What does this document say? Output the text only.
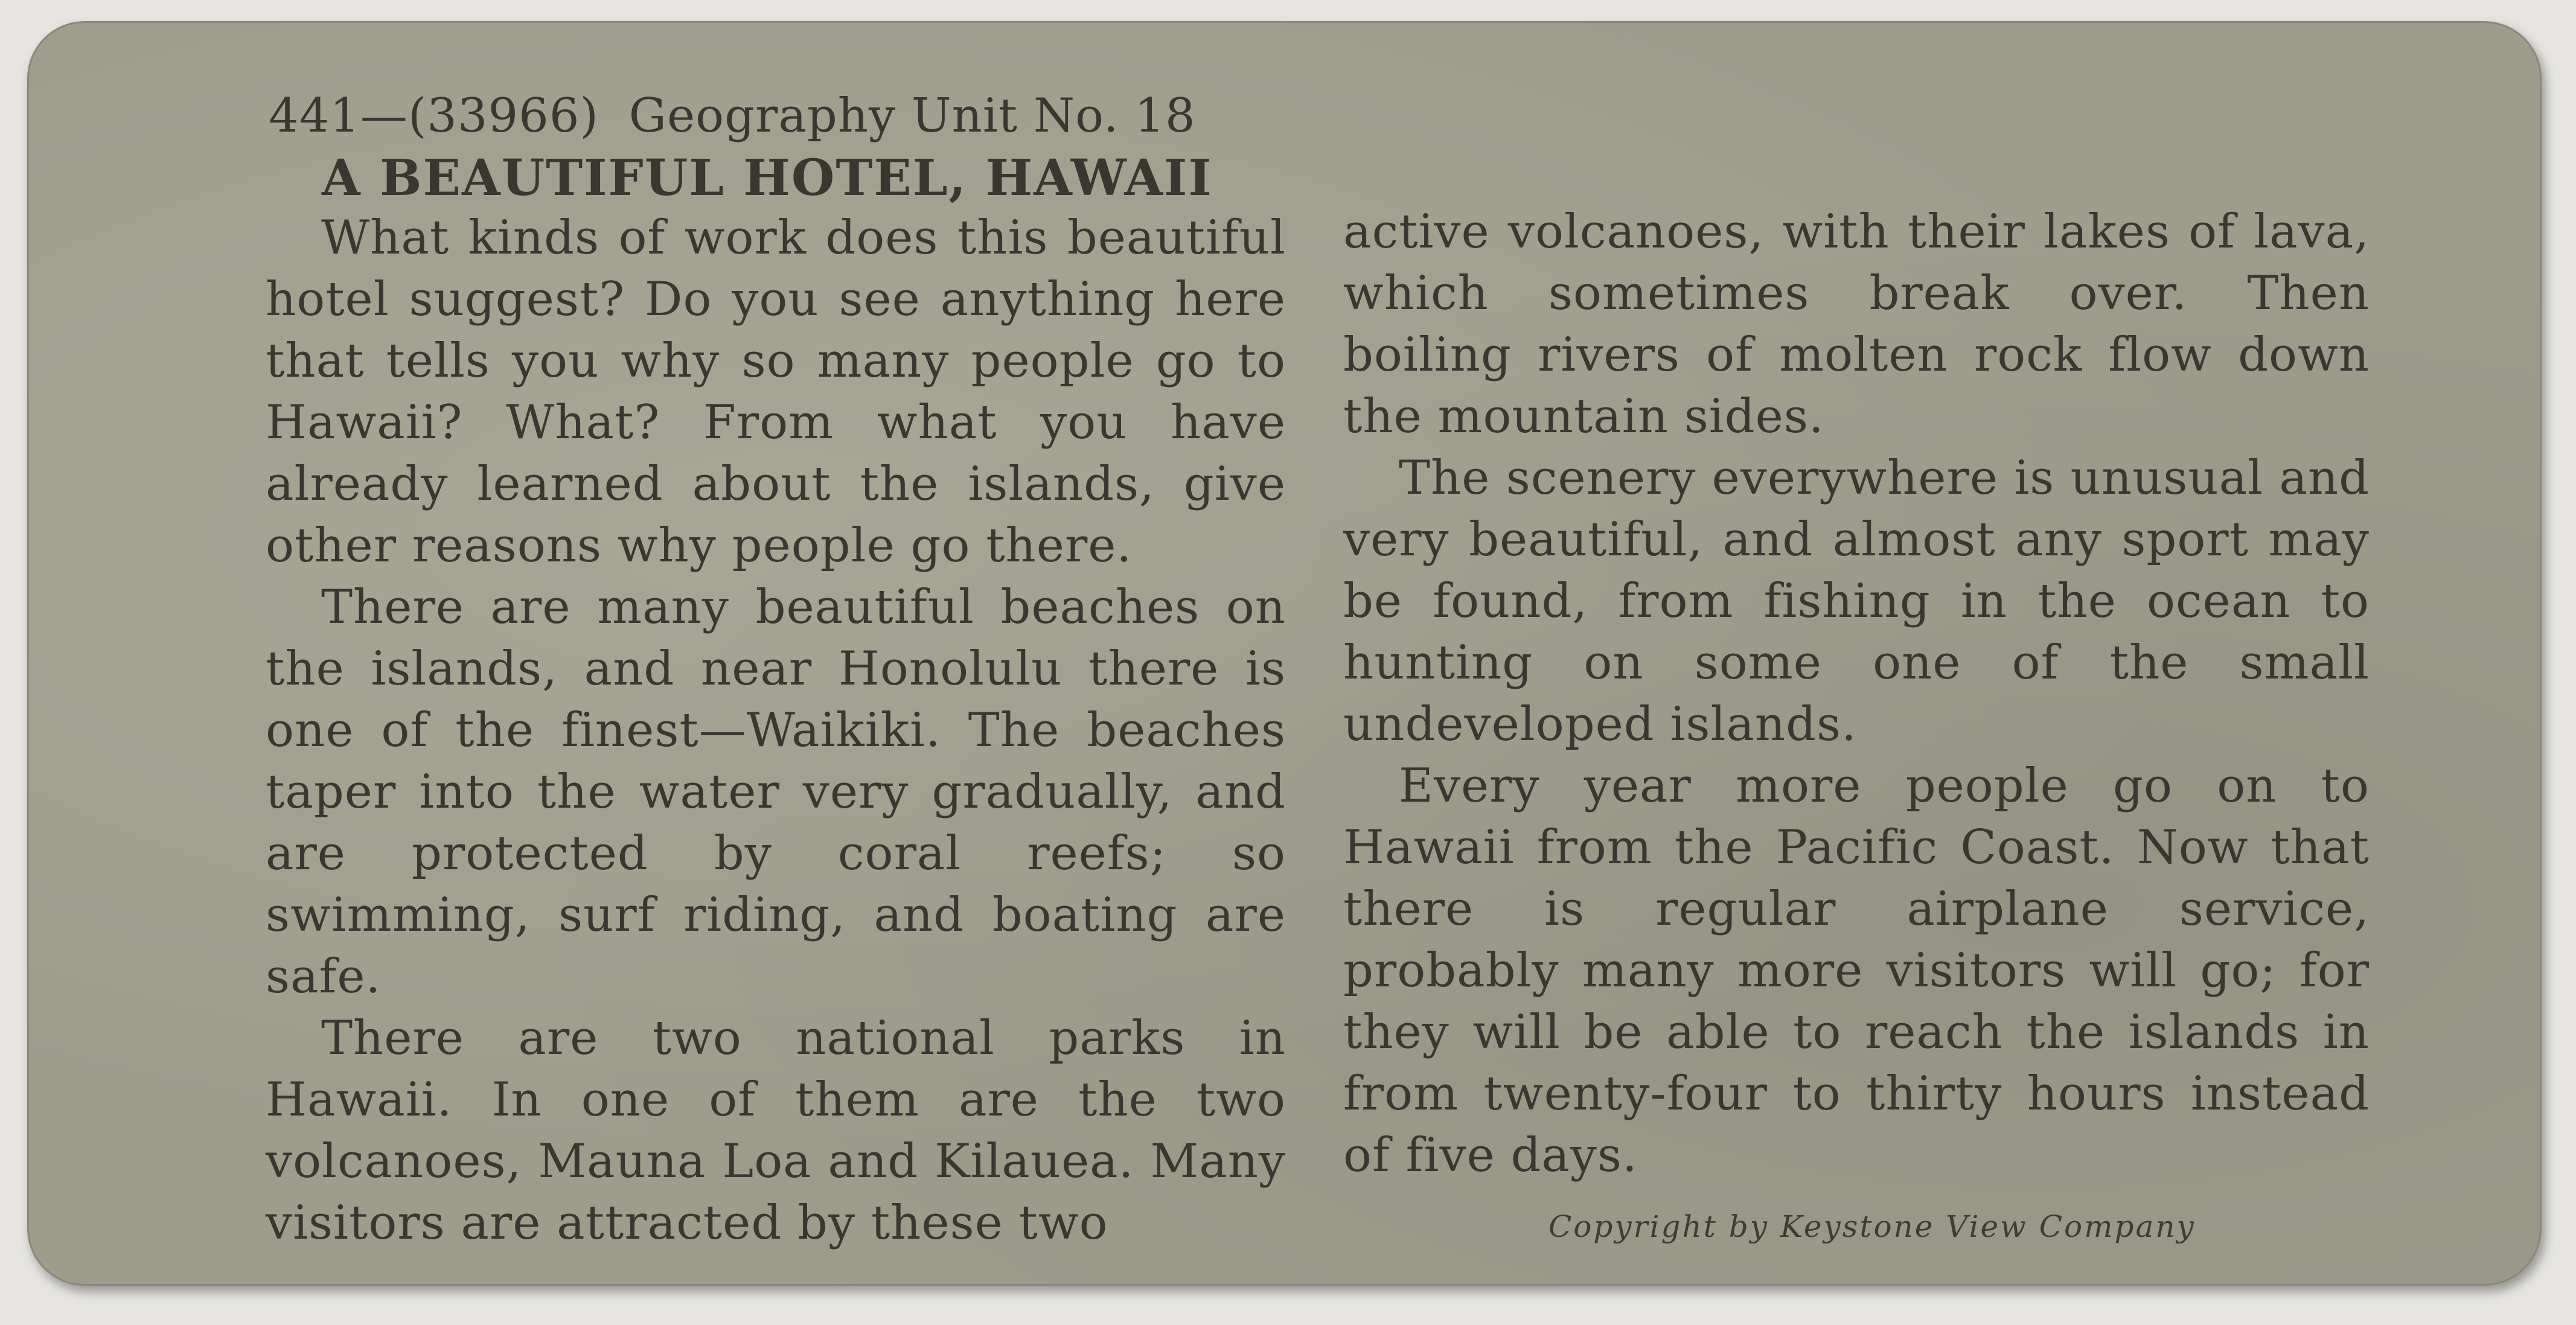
441—(33966) Geography Unit No. 18
A BEAUTIFUL HOTEL, HAWAII

What kinds of work does this beautiful hotel suggest? Do you see anything here that tells you why so many people go to Hawaii? What? From what you have already learned about the islands, give other reasons why people go there.

There are many beautiful beaches on the islands, and near Honolulu there is one of the finest—Waikiki. The beaches taper into the water very gradually, and are protected by coral reefs; so swimming, surf riding, and boating are safe.

There are two national parks in Hawaii. In one of them are the two volcanoes, Mauna Loa and Kilauea. Many visitors are attracted by these two

active volcanoes, with their lakes of lava, which sometimes break over. Then boiling rivers of molten rock flow down the mountain sides.

The scenery everywhere is unusual and very beautiful, and almost any sport may be found, from fishing in the ocean to hunting on some one of the small undeveloped islands.

Every year more people go on to Hawaii from the Pacific Coast. Now that there is regular airplane service, probably many more visitors will go; for they will be able to reach the islands in from twenty-four to thirty hours instead of five days.

Copyright by Keystone View Company
